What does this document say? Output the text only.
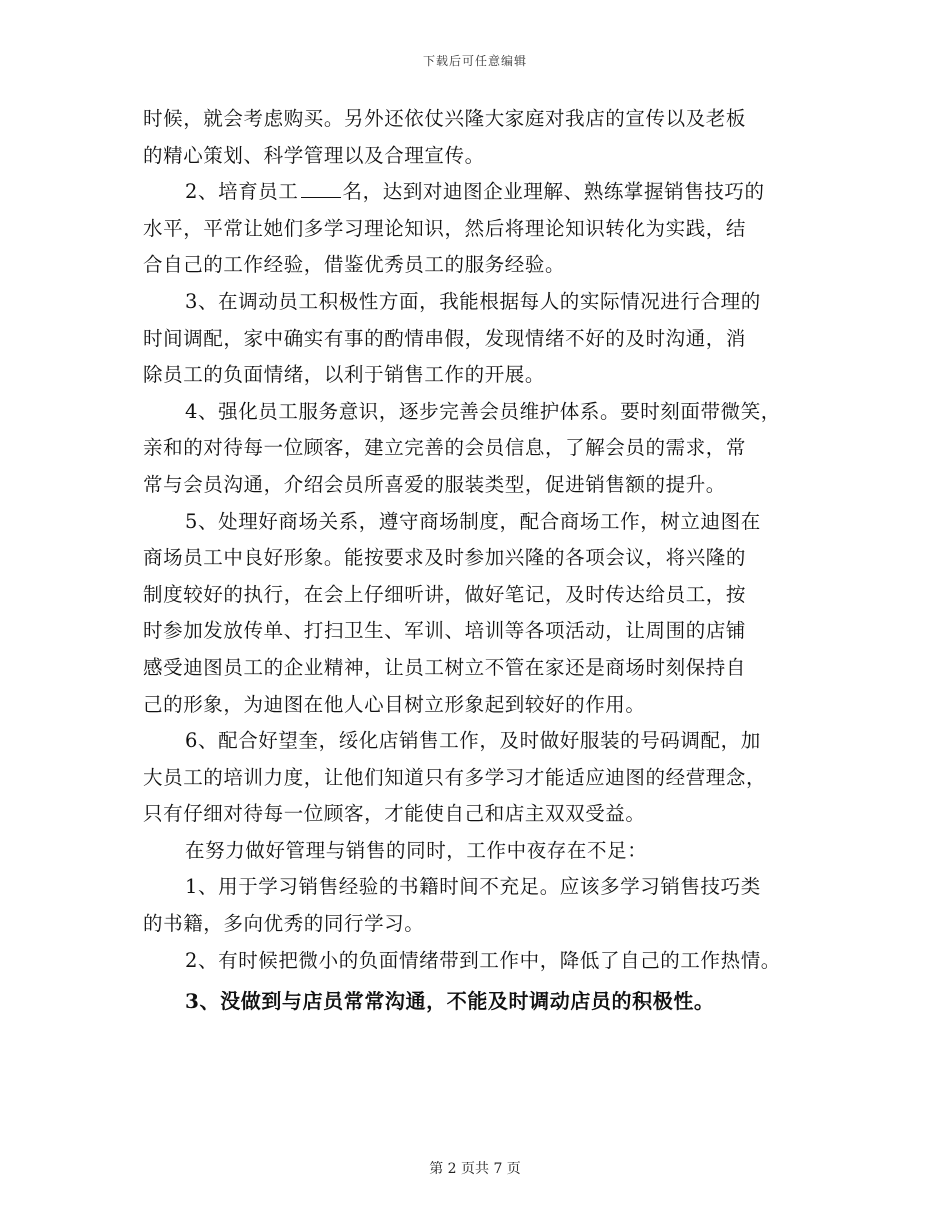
下载后可任意编辑
时候，就会考虑购买。另外还依仗兴隆大家庭对我店的宣传以及老板
的精心策划、科学管理以及合理宣传。
2、培育员工 名，达到对迪图企业理解、熟练掌握销售技巧的
水平，平常让她们多学习理论知识，然后将理论知识转化为实践，结
合自己的工作经验，借鉴优秀员工的服务经验。
3、在调动员工积极性方面，我能根据每人的实际情况进行合理的
时间调配，家中确实有事的酌情串假，发现情绪不好的及时沟通，消
除员工的负面情绪，以利于销售工作的开展。
4、强化员工服务意识，逐步完善会员维护体系。要时刻面带微笑，
亲和的对待每一位顾客，建立完善的会员信息，了解会员的需求，常
常与会员沟通，介绍会员所喜爱的服装类型，促进销售额的提升。
5、处理好商场关系，遵守商场制度，配合商场工作，树立迪图在
商场员工中良好形象。能按要求及时参加兴隆的各项会议，将兴隆的
制度较好的执行，在会上仔细听讲，做好笔记，及时传达给员工，按
时参加发放传单、打扫卫生、军训、培训等各项活动，让周围的店铺
感受迪图员工的企业精神，让员工树立不管在家还是商场时刻保持自
己的形象，为迪图在他人心目树立形象起到较好的作用。
6、配合好望奎，绥化店销售工作，及时做好服装的号码调配，加
大员工的培训力度，让他们知道只有多学习才能适应迪图的经营理念，
只有仔细对待每一位顾客，才能使自己和店主双双受益。
在努力做好管理与销售的同时，工作中夜存在不足：
1、用于学习销售经验的书籍时间不充足。应该多学习销售技巧类
的书籍，多向优秀的同行学习。
2、有时候把微小的负面情绪带到工作中，降低了自己的工作热情。
3、没做到与店员常常沟通，不能及时调动店员的积极性。
第 2 页共 7 页
